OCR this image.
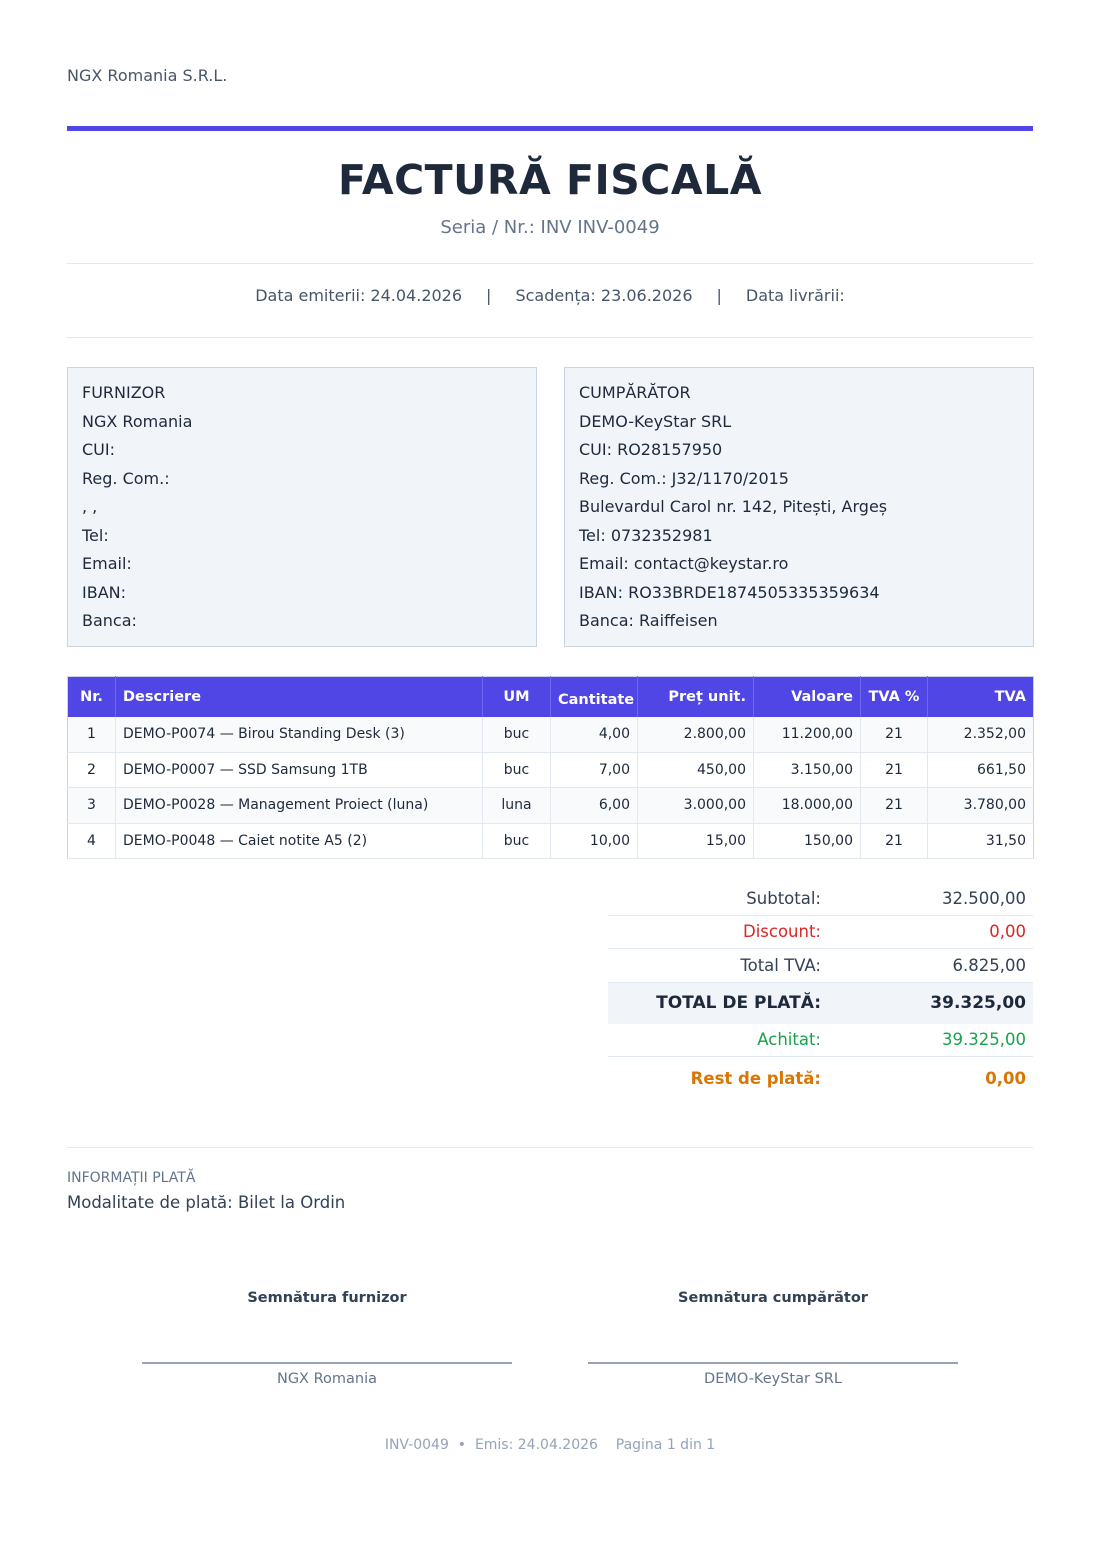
NGX Romania S.R.L.
FACTURĂ FISCALĂ
Seria / Nr.: INV INV-0049
Data emiterii: 24.04.2026 | Scadența: 23.06.2026 | Data livrării:
FURNIZOR
NGX Romania
CUI:
Reg. Com.:
, ,
Tel:
Email:
IBAN:
Banca:
CUMPĂRĂTOR
DEMO-KeyStar SRL
CUI: RO28157950
Reg. Com.: J32/1170/2015
Bulevardul Carol nr. 142, Pitești, Argeș
Tel: 0732352981
Email: contact@keystar.ro
IBAN: RO33BRDE1874505335359634
Banca: Raiffeisen
Nr.	Descriere	UM	Cantitate	Preț unit.	Valoare	TVA %	TVA
1	DEMO-P0074 — Birou Standing Desk (3)	buc	4,00	2.800,00	11.200,00	21	2.352,00
2	DEMO-P0007 — SSD Samsung 1TB	buc	7,00	450,00	3.150,00	21	661,50
3	DEMO-P0028 — Management Proiect (luna)	luna	6,00	3.000,00	18.000,00	21	3.780,00
4	DEMO-P0048 — Caiet notite A5 (2)	buc	10,00	15,00	150,00	21	31,50
Subtotal:	32.500,00
Discount:	0,00
Total TVA:	6.825,00
TOTAL DE PLATĂ:	39.325,00
Achitat:	39.325,00
Rest de plată:	0,00
INFORMAȚII PLATĂ
Modalitate de plată: Bilet la Ordin
Semnătura furnizor
NGX Romania
Semnătura cumpărător
DEMO-KeyStar SRL
INV-0049 • Emis: 24.04.2026 Pagina 1 din 1
